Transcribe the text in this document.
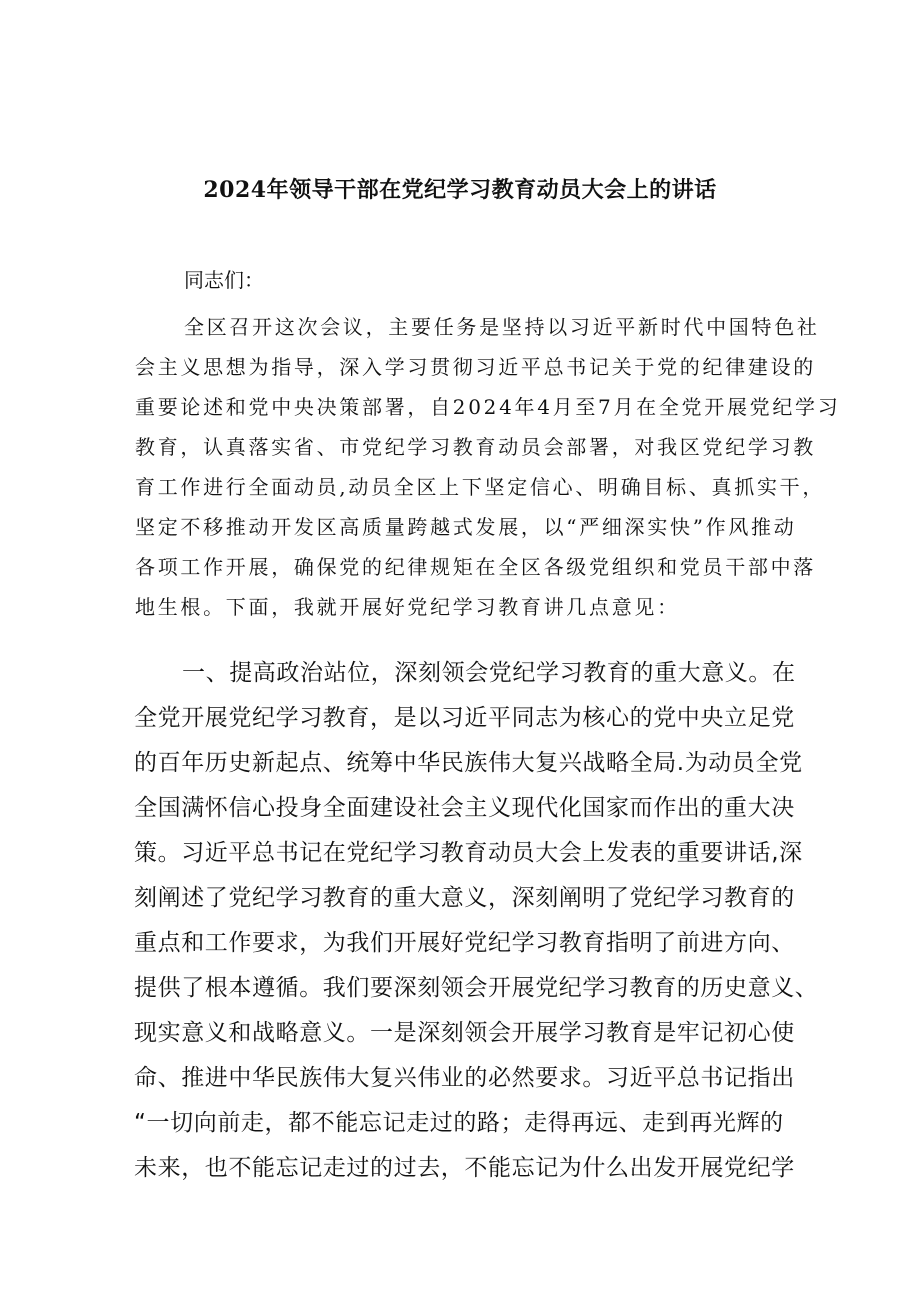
2024年领导干部在党纪学习教育动员大会上的讲话

同志们：

全区召开这次会议，主要任务是坚持以习近平新时代中国特色社

会主义思想为指导，深入学习贯彻习近平总书记关于党的纪律建设的

重要论述和党中央决策部署，自2024年4月至7月在全党开展党纪学习

教育，认真落实省、市党纪学习教育动员会部署，对我区党纪学习教

育工作进行全面动员,动员全区上下坚定信心、明确目标、真抓实干，

坚定不移推动开发区高质量跨越式发展，以“严细深实快”作风推动

各项工作开展，确保党的纪律规矩在全区各级党组织和党员干部中落

地生根。下面，我就开展好党纪学习教育讲几点意见：

一、提高政治站位，深刻领会党纪学习教育的重大意义。在

全党开展党纪学习教育，是以习近平同志为核心的党中央立足党

的百年历史新起点、统筹中华民族伟大复兴战略全局.为动员全党

全国满怀信心投身全面建设社会主义现代化国家而作出的重大决

策。习近平总书记在党纪学习教育动员大会上发表的重要讲话,深

刻阐述了党纪学习教育的重大意义，深刻阐明了党纪学习教育的

重点和工作要求，为我们开展好党纪学习教育指明了前进方向、

提供了根本遵循。我们要深刻领会开展党纪学习教育的历史意义、

现实意义和战略意义。一是深刻领会开展学习教育是牢记初心使

命、推进中华民族伟大复兴伟业的必然要求。习近平总书记指出

“一切向前走，都不能忘记走过的路；走得再远、走到再光辉的

未来，也不能忘记走过的过去，不能忘记为什么出发开展党纪学
